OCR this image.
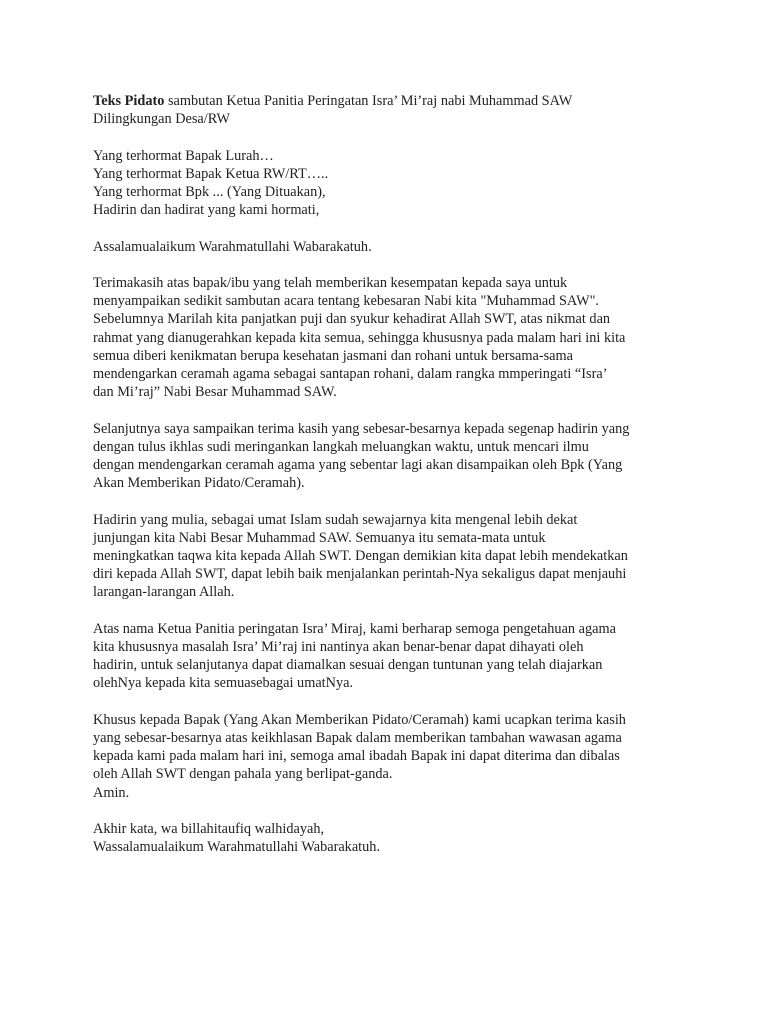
Teks Pidato sambutan Ketua Panitia Peringatan Isra’ Mi’raj nabi Muhammad SAW
Dilingkungan Desa/RW
Yang terhormat Bapak Lurah…
Yang terhormat Bapak Ketua RW/RT…..
Yang terhormat Bpk ... (Yang Dituakan),
Hadirin dan hadirat yang kami hormati,
Assalamualaikum Warahmatullahi Wabarakatuh.
Terimakasih atas bapak/ibu yang telah memberikan kesempatan kepada saya untuk
menyampaikan sedikit sambutan acara tentang kebesaran Nabi kita "Muhammad SAW".
Sebelumnya Marilah kita panjatkan puji dan syukur kehadirat Allah SWT, atas nikmat dan
rahmat yang dianugerahkan kepada kita semua, sehingga khususnya pada malam hari ini kita
semua diberi kenikmatan berupa kesehatan jasmani dan rohani untuk bersama-sama
mendengarkan ceramah agama sebagai santapan rohani, dalam rangka mmperingati “Isra’
dan Mi’raj” Nabi Besar Muhammad SAW.
Selanjutnya saya sampaikan terima kasih yang sebesar-besarnya kepada segenap hadirin yang
dengan tulus ikhlas sudi meringankan langkah meluangkan waktu, untuk mencari ilmu
dengan mendengarkan ceramah agama yang sebentar lagi akan disampaikan oleh Bpk (Yang
Akan Memberikan Pidato/Ceramah).
Hadirin yang mulia, sebagai umat Islam sudah sewajarnya kita mengenal lebih dekat
junjungan kita Nabi Besar Muhammad SAW. Semuanya itu semata-mata untuk
meningkatkan taqwa kita kepada Allah SWT. Dengan demikian kita dapat lebih mendekatkan
diri kepada Allah SWT, dapat lebih baik menjalankan perintah-Nya sekaligus dapat menjauhi
larangan-larangan Allah.
Atas nama Ketua Panitia peringatan Isra’ Miraj, kami berharap semoga pengetahuan agama
kita khususnya masalah Isra’ Mi’raj ini nantinya akan benar-benar dapat dihayati oleh
hadirin, untuk selanjutanya dapat diamalkan sesuai dengan tuntunan yang telah diajarkan
olehNya kepada kita semuasebagai umatNya.
Khusus kepada Bapak (Yang Akan Memberikan Pidato/Ceramah) kami ucapkan terima kasih
yang sebesar-besarnya atas keikhlasan Bapak dalam memberikan tambahan wawasan agama
kepada kami pada malam hari ini, semoga amal ibadah Bapak ini dapat diterima dan dibalas
oleh Allah SWT dengan pahala yang berlipat-ganda.
Amin.
Akhir kata, wa billahitaufiq walhidayah,
Wassalamualaikum Warahmatullahi Wabarakatuh.
